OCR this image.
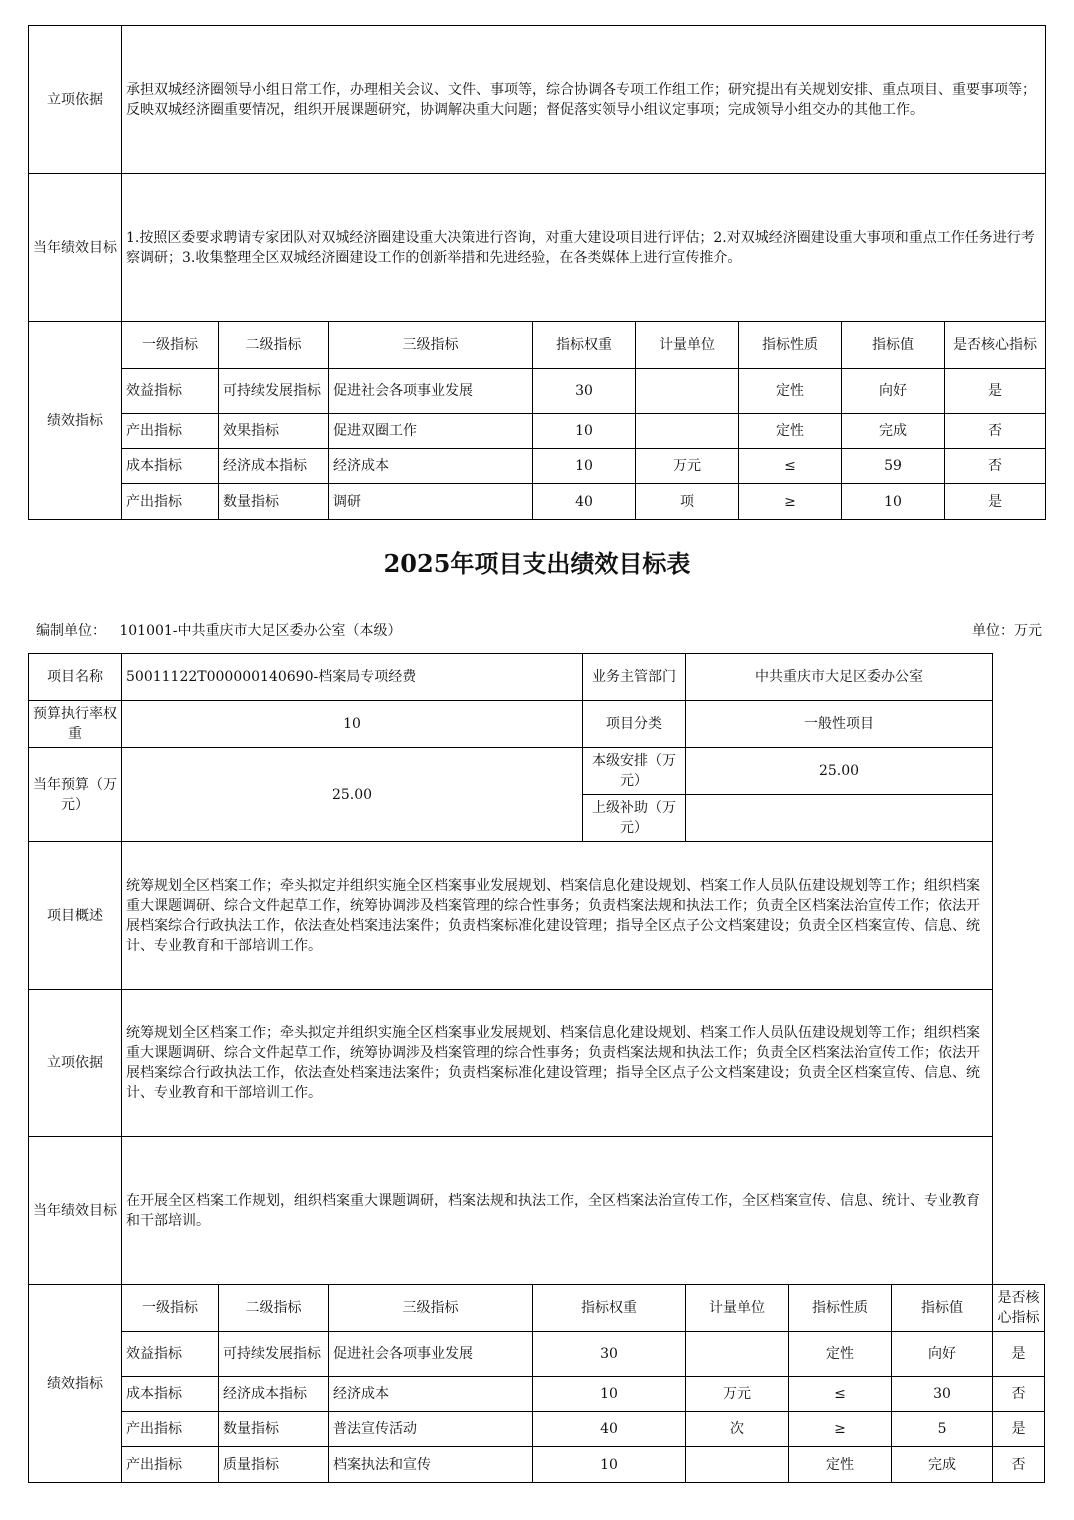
立项依据	承担双城经济圈领导小组日常工作，办理相关会议、文件、事项等，综合协调各专项工作组工作；研究提出有关规划安排、重点项目、重要事项等；反映双城经济圈重要情况，组织开展课题研究，协调解决重大问题；督促落实领导小组议定事项；完成领导小组交办的其他工作。							
当年绩效目标	1.按照区委要求聘请专家团队对双城经济圈建设重大决策进行咨询，对重大建设项目进行评估；2.对双城经济圈建设重大事项和重点工作任务进行考察调研；3.收集整理全区双城经济圈建设工作的创新举措和先进经验，在各类媒体上进行宣传推介。							
绩效指标	一级指标	二级指标	三级指标	指标权重	计量单位	指标性质	指标值	是否核心指标
	效益指标	可持续发展指标	促进社会各项事业发展	30		定性	向好	是
	产出指标	效果指标	促进双圈工作	10		定性	完成	否
	成本指标	经济成本指标	经济成本	10	万元	≤	59	否
	产出指标	数量指标	调研	40	项	≥	10	是
2025年项目支出绩效目标表
编制单位： 101001-中共重庆市大足区委办公室（本级）	单位：万元
项目名称	50011122T000000140690-档案局专项经费				业务主管部门	中共重庆市大足区委办公室			
预算执行率权重	10				项目分类	一般性项目			
当年预算（万元）	25.00				本级安排（万元）	25.00			
					上级补助（万元）				
项目概述	统筹规划全区档案工作；牵头拟定并组织实施全区档案事业发展规划、档案信息化建设规划、档案工作人员队伍建设规划等工作；组织档案重大课题调研、综合文件起草工作，统筹协调涉及档案管理的综合性事务；负责档案法规和执法工作；负责全区档案法治宣传工作；依法开展档案综合行政执法工作，依法查处档案违法案件；负责档案标准化建设管理；指导全区点子公文档案建设；负责全区档案宣传、信息、统计、专业教育和干部培训工作。								
立项依据	统筹规划全区档案工作；牵头拟定并组织实施全区档案事业发展规划、档案信息化建设规划、档案工作人员队伍建设规划等工作；组织档案重大课题调研、综合文件起草工作，统筹协调涉及档案管理的综合性事务；负责档案法规和执法工作；负责全区档案法治宣传工作；依法开展档案综合行政执法工作，依法查处档案违法案件；负责档案标准化建设管理；指导全区点子公文档案建设；负责全区档案宣传、信息、统计、专业教育和干部培训工作。								
当年绩效目标	在开展全区档案工作规划，组织档案重大课题调研，档案法规和执法工作，全区档案法治宣传工作，全区档案宣传、信息、统计、专业教育和干部培训。								
绩效指标	一级指标	二级指标	三级指标	指标权重		计量单位	指标性质	指标值	是否核心指标
	效益指标	可持续发展指标	促进社会各项事业发展	30			定性	向好	是
	成本指标	经济成本指标	经济成本	10		万元	≤	30	否
	产出指标	数量指标	普法宣传活动	40		次	≥	5	是
	产出指标	质量指标	档案执法和宣传	10			定性	完成	否
